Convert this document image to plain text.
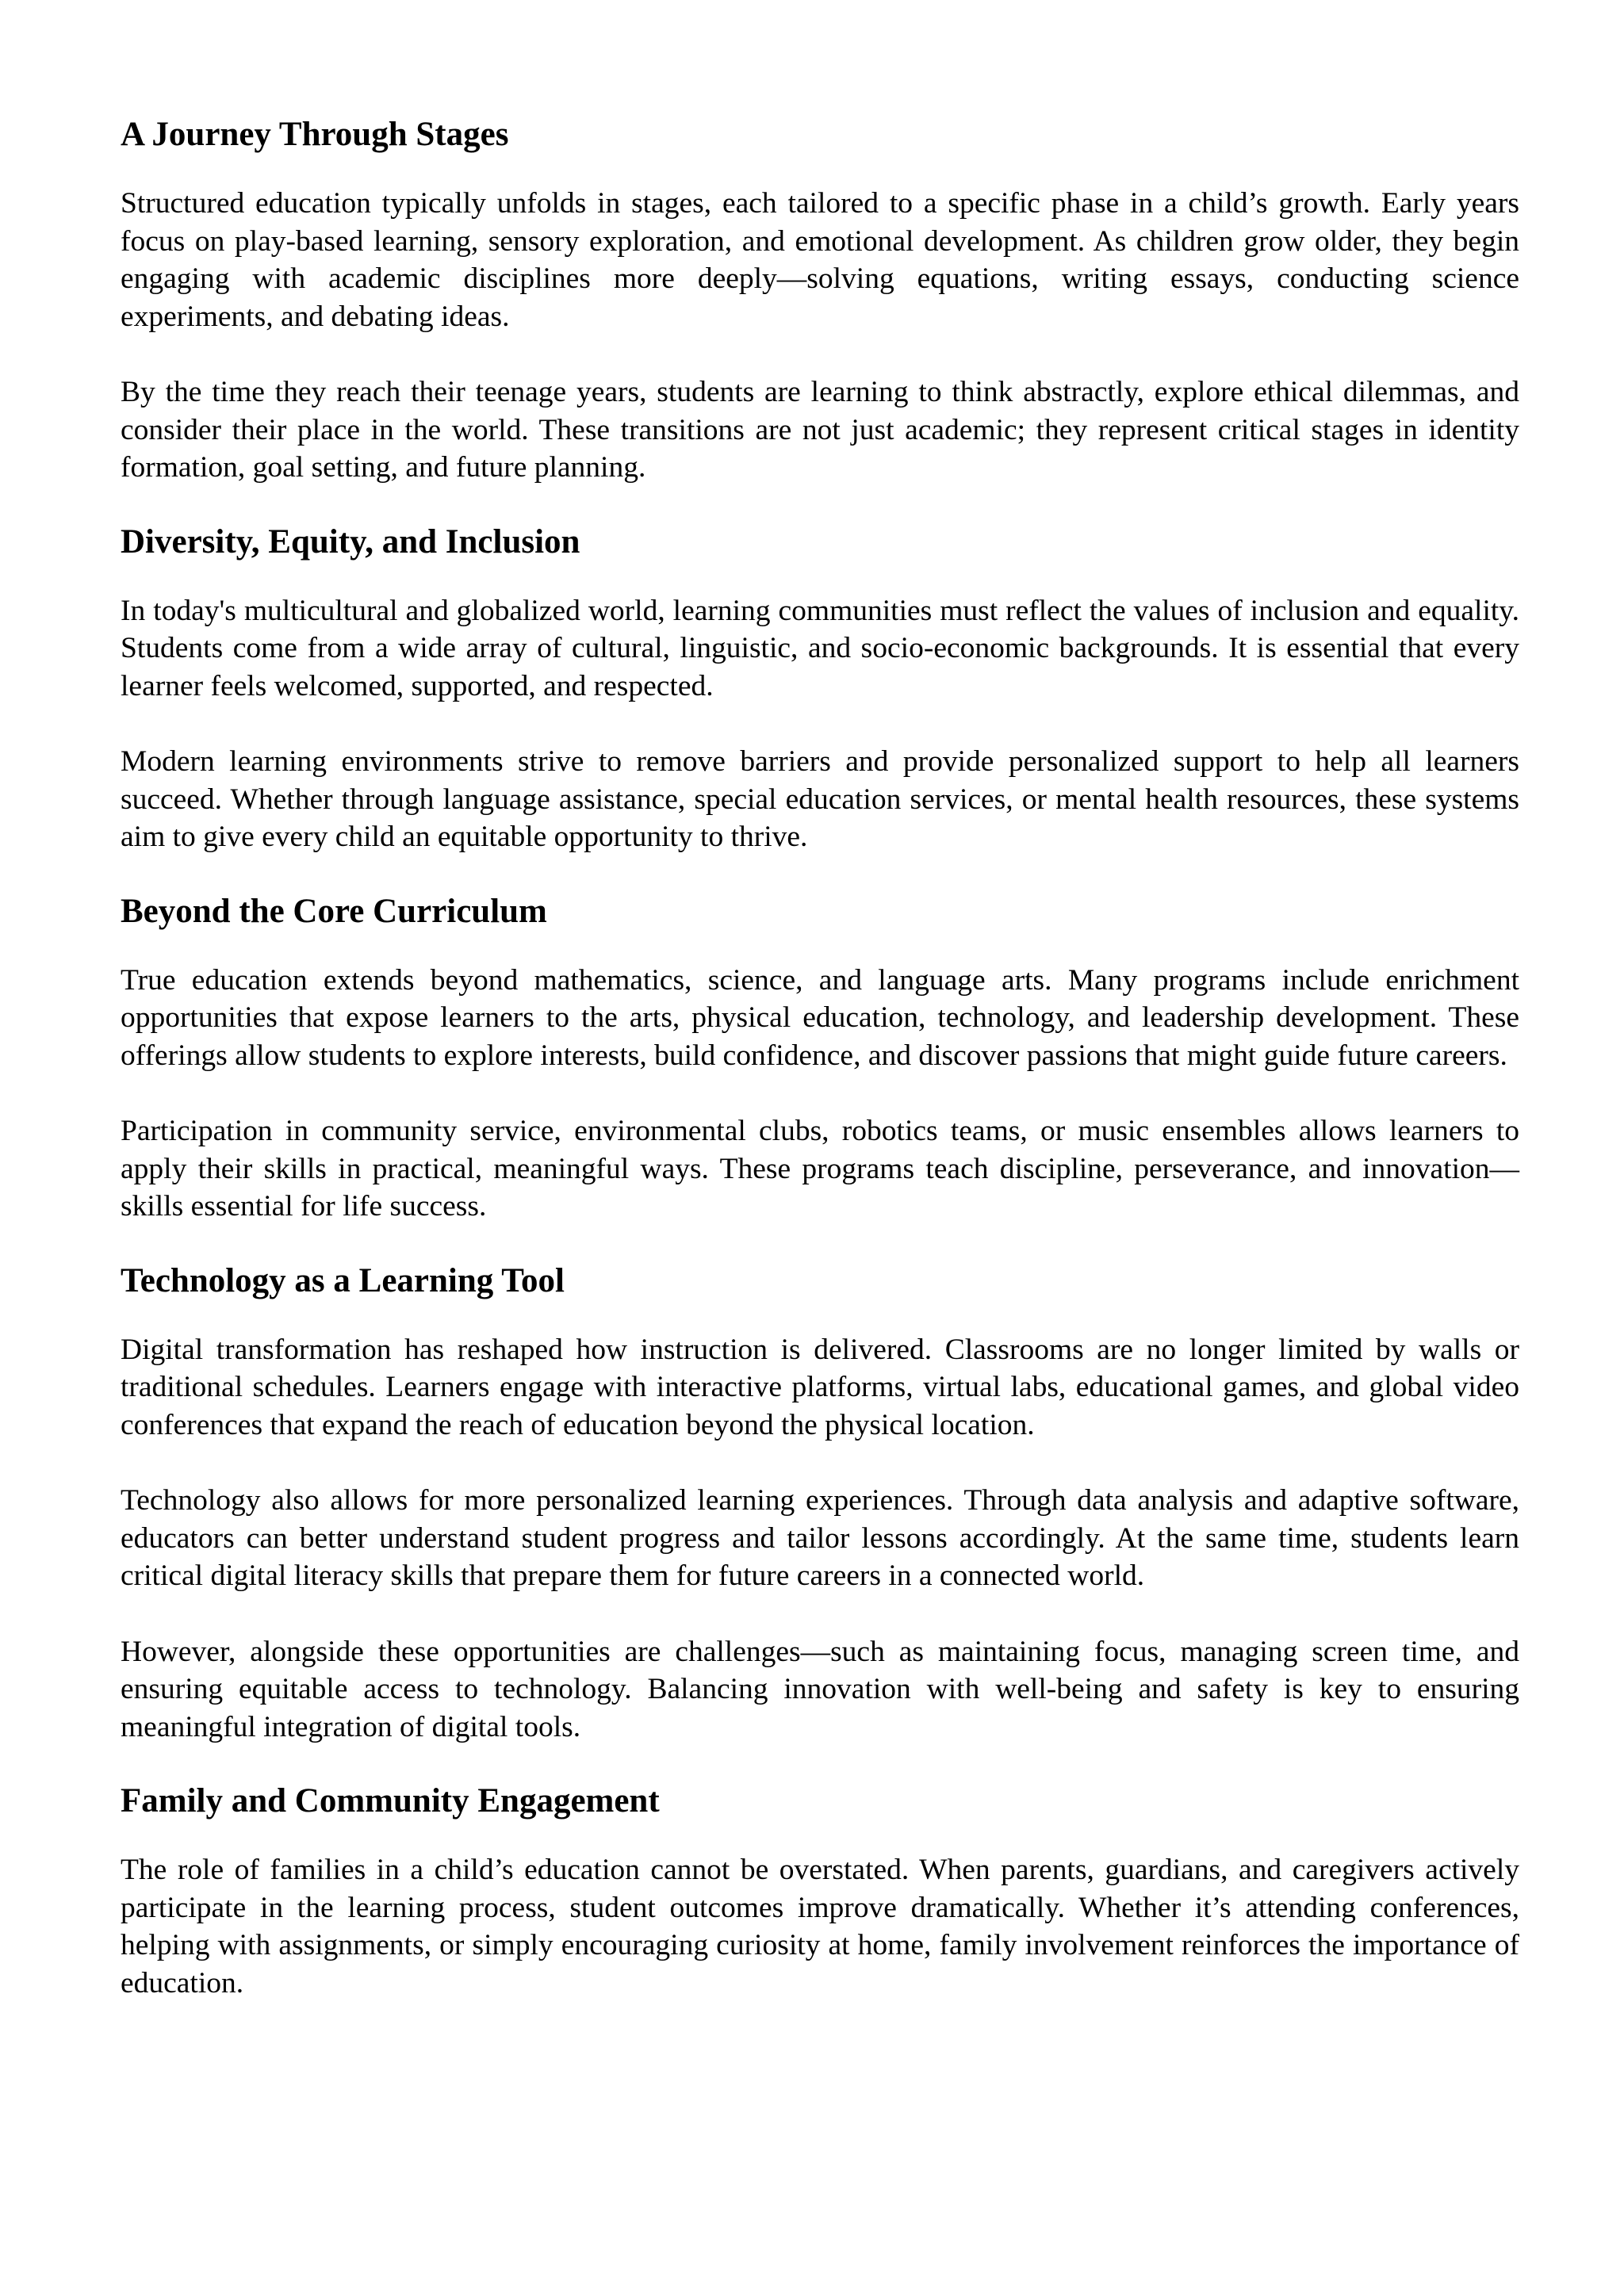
A Journey Through Stages

Structured education typically unfolds in stages, each tailored to a specific phase in a child’s growth. Early years focus on play-based learning, sensory exploration, and emotional development. As children grow older, they begin engaging with academic disciplines more deeply—solving equations, writing essays, conducting science experiments, and debating ideas.

By the time they reach their teenage years, students are learning to think abstractly, explore ethical dilemmas, and consider their place in the world. These transitions are not just academic; they represent critical stages in identity formation, goal setting, and future planning.

Diversity, Equity, and Inclusion

In today's multicultural and globalized world, learning communities must reflect the values of inclusion and equality. Students come from a wide array of cultural, linguistic, and socio-economic backgrounds. It is essential that every learner feels welcomed, supported, and respected.

Modern learning environments strive to remove barriers and provide personalized support to help all learners succeed. Whether through language assistance, special education services, or mental health resources, these systems aim to give every child an equitable opportunity to thrive.

Beyond the Core Curriculum

True education extends beyond mathematics, science, and language arts. Many programs include enrichment opportunities that expose learners to the arts, physical education, technology, and leadership development. These offerings allow students to explore interests, build confidence, and discover passions that might guide future careers.

Participation in community service, environmental clubs, robotics teams, or music ensembles allows learners to apply their skills in practical, meaningful ways. These programs teach discipline, perseverance, and innovation—skills essential for life success.

Technology as a Learning Tool

Digital transformation has reshaped how instruction is delivered. Classrooms are no longer limited by walls or traditional schedules. Learners engage with interactive platforms, virtual labs, educational games, and global video conferences that expand the reach of education beyond the physical location.

Technology also allows for more personalized learning experiences. Through data analysis and adaptive software, educators can better understand student progress and tailor lessons accordingly. At the same time, students learn critical digital literacy skills that prepare them for future careers in a connected world.

However, alongside these opportunities are challenges—such as maintaining focus, managing screen time, and ensuring equitable access to technology. Balancing innovation with well-being and safety is key to ensuring meaningful integration of digital tools.

Family and Community Engagement

The role of families in a child’s education cannot be overstated. When parents, guardians, and caregivers actively participate in the learning process, student outcomes improve dramatically. Whether it’s attending conferences, helping with assignments, or simply encouraging curiosity at home, family involvement reinforces the importance of education.
